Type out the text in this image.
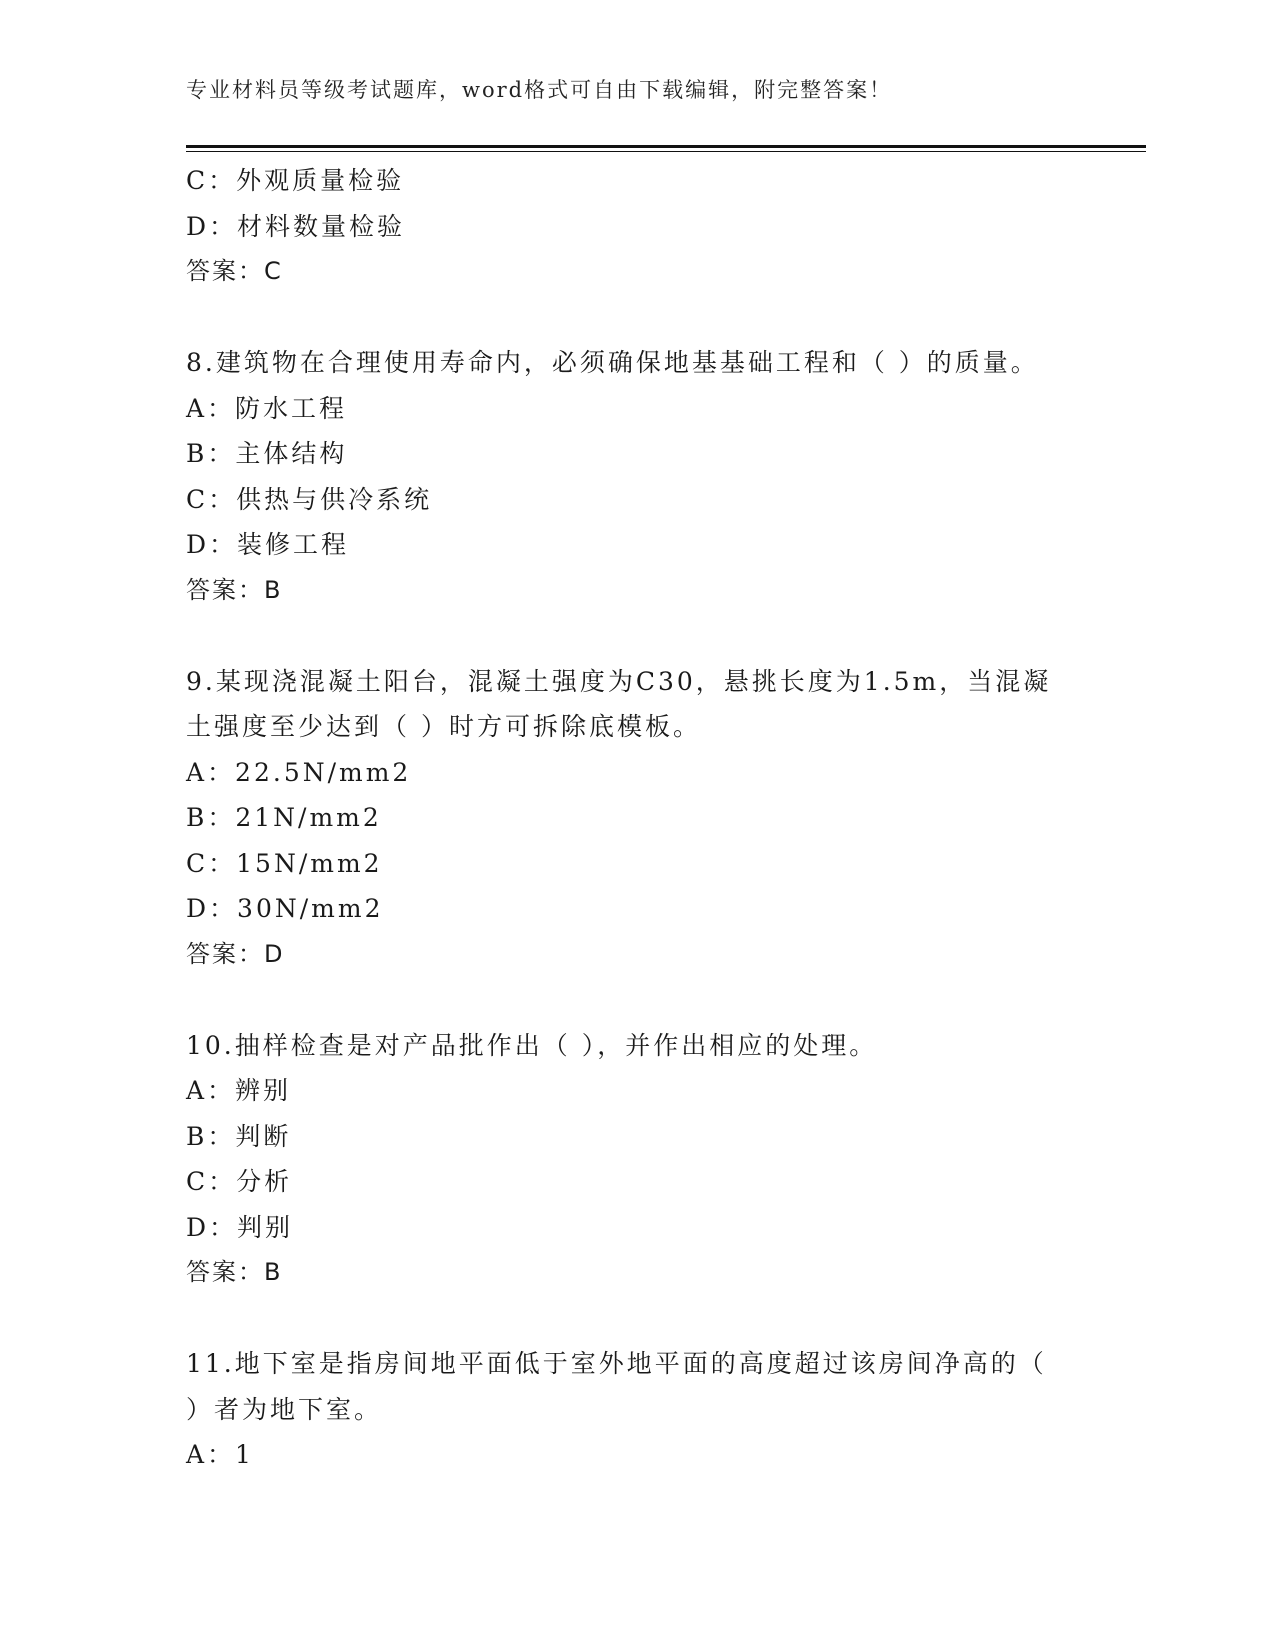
专业材料员等级考试题库，word格式可自由下载编辑，附完整答案！
C：外观质量检验
D：材料数量检验
答案：C
8.建筑物在合理使用寿命内，必须确保地基基础工程和（ ）的质量。
A：防水工程
B：主体结构
C：供热与供冷系统
D：装修工程
答案：B
9.某现浇混凝土阳台，混凝土强度为C30，悬挑长度为1.5m，当混凝
土强度至少达到（ ）时方可拆除底模板。
A：22.5N/mm2
B：21N/mm2
C：15N/mm2
D：30N/mm2
答案：D
10.抽样检查是对产品批作出（ ），并作出相应的处理。
A：辨别
B：判断
C：分析
D：判别
答案：B
11.地下室是指房间地平面低于室外地平面的高度超过该房间净高的（
）者为地下室。
A：1
